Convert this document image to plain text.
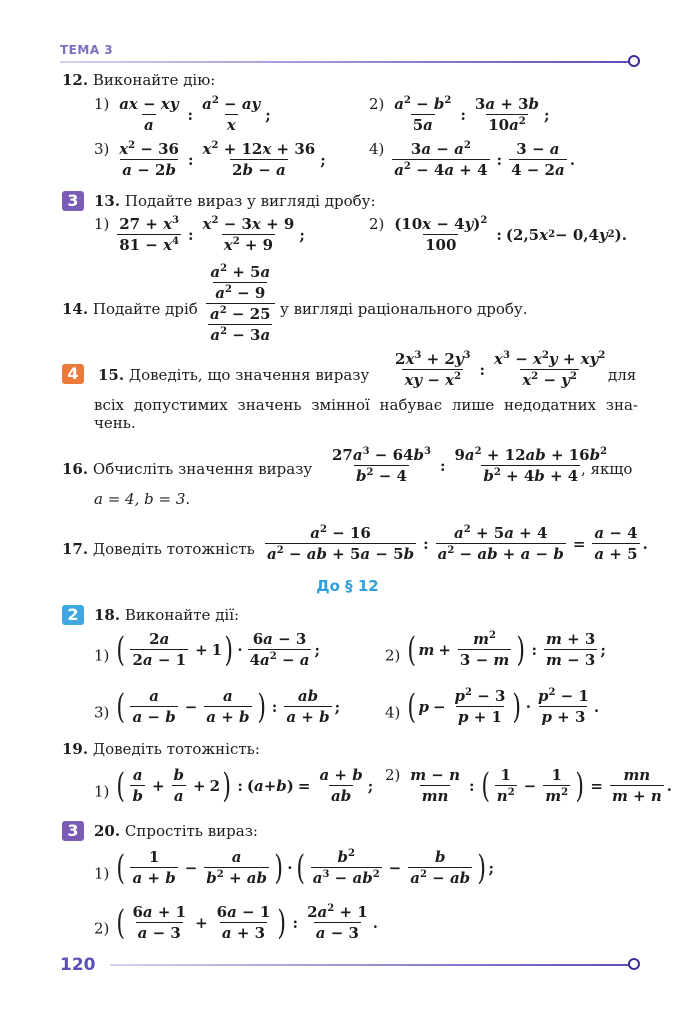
ТЕМА 3
12. Виконайте дію:
1) ax − xy
a
:
$a^2$ − ay
x
;
2) $a^2 - b^2$
5a
:
3a + 3b
$10a^2$ ;
3) $x^2 - 36$
a − 2b
:
$x^2 + 12x + 36$
2b − a
;
4) $3a - a^2$
$a^2 - 4a + 4$
:
3 − a
4 − 2a
.
3	13. Подайте вираз у вигляді дробу:
1) $27 + x^3$
$81 - x^4$ :
$x^2 - 3x + 9$
$x^2 + 9$
;
2) $(10x - 4y)^2$
100
: (2,5 x 2 − 0,4 y 2 ).
14. Подайте дріб
$\frac{a^2 + 5a}{a^2 - 9}$
$\frac{a^2 - 25}{a^2 - 3a}$ у вигляді раціонального дробу.
4	15. Доведіть, що значення виразу
$2x^3 + 2y^3$
xy − $x^2$ :
$x^3 - x^2y + xy^2$
$x^2 - y^2$ для
всіх допустимих значень змінної набуває лише недодатних зна-
чень.
16. Обчисліть значення виразу
$27a^3 - 64b^3$
$b^2 - 4$
:
$9a^2 + 12ab + 16b^2$
$b^2 + 4b + 4$ , якщо
a = 4, b = 3.
17. Доведіть тотожність
$a^2 - 16$
$a^2$ − ab + 5a − 5b
: $\frac{a^2 + 5a + 4}{a^2 - ab + a - b} = \frac{a - 4}{a + 5}$ .
До § 12
2	18. Виконайте дії:
1) ( 2a
2a − 1
+ 1 ) ·
6a − 3
$4a^2 - a$
;	2) ( $m + \frac{m^2}{3 - m}$ ) :
m + 3
m − 3
;
3) ( a
a − b
− $\frac{a}{a + b}$ ) :
ab
a + b
;	4) ( $p - \frac{p^2 - 3}{p + 1}$ ) ·
$p^2 - 1$
p + 3
.
19. Доведіть тотожність:
1) ( a
b
+ $\frac{b}{a} + 2$ ) : ( a + b ) = $\frac{a + b}{ab}$ ;
2) m − n
mn
: ( 1
$n^2 - \frac{1}{m^2}$ ) = $\frac{mn}{m + n}$ .
3	20. Спростіть вираз:
1) ( 1
a + b
− $\frac{a}{b^2 + ab}$ ) · ( $b^2$
$a^3 - ab^2 - \frac{b}{a^2 - ab}$ ) ;
2) ( 6a + 1
a − 3
+ $\frac{6a - 1}{a + 3}$ ) :
$2a^2 + 1$
a − 3
.
120
